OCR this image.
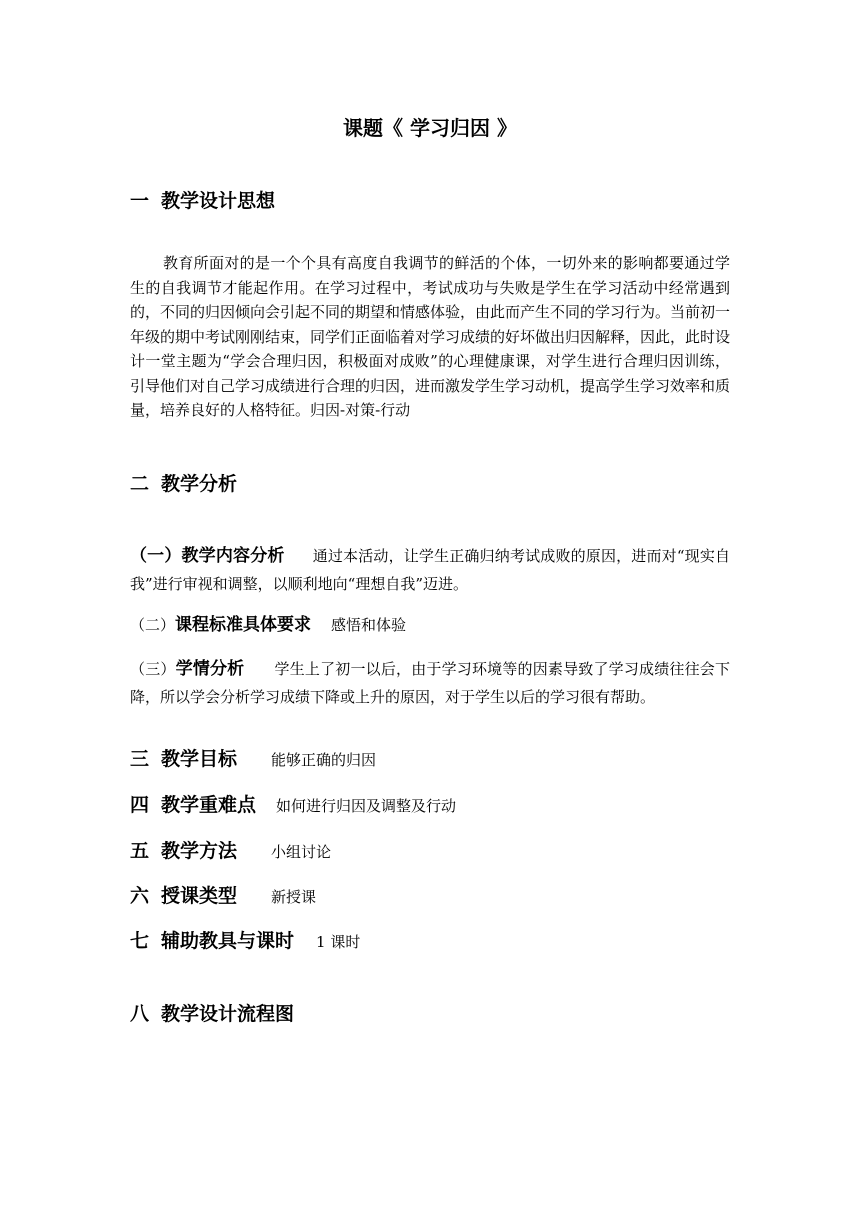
课题《 学习归因 》
一 教学设计思想
教育所面对的是一个个具有高度自我调节的鲜活的个体，一切外来的影响都要通过学生的自我调节才能起作用。在学习过程中，考试成功与失败是学生在学习活动中经常遇到的，不同的归因倾向会引起不同的期望和情感体验，由此而产生不同的学习行为。当前初一年级的期中考试刚刚结束，同学们正面临着对学习成绩的好坏做出归因解释，因此，此时设计一堂主题为“学会合理归因，积极面对成败”的心理健康课，对学生进行合理归因训练，引导他们对自己学习成绩进行合理的归因，进而激发学生学习动机，提高学生学习效率和质量，培养良好的人格特征。归因-对策-行动
二 教学分析
（一）教学内容分析 通过本活动，让学生正确归纳考试成败的原因，进而对“现实自我”进行审视和调整，以顺利地向“理想自我”迈进。
（二）课程标准具体要求 感悟和体验
（三）学情分析 学生上了初一以后，由于学习环境等的因素导致了学习成绩往往会下降，所以学会分析学习成绩下降或上升的原因，对于学生以后的学习很有帮助。
三 教学目标 能够正确的归因
四 教学重难点 如何进行归因及调整及行动
五 教学方法 小组讨论
六 授课类型 新授课
七 辅助教具与课时 1 课时
八 教学设计流程图
